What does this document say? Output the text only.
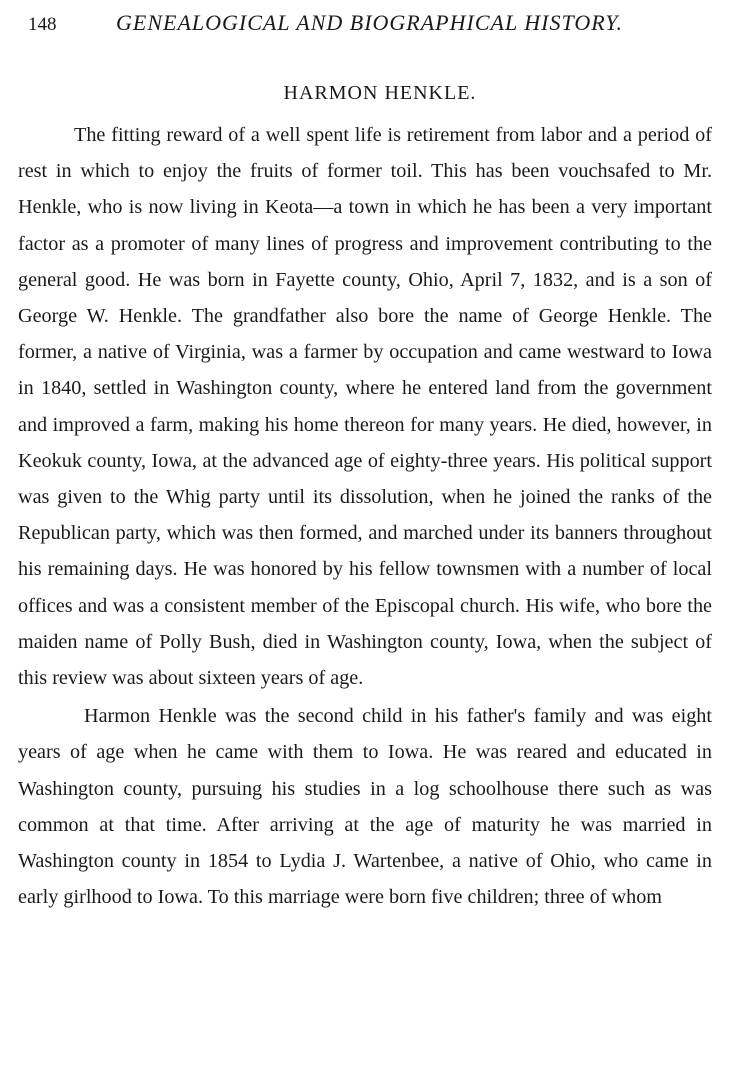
148	GENEALOGICAL AND BIOGRAPHICAL HISTORY.
HARMON HENKLE.

The fitting reward of a well spent life is retirement from labor and a period of rest in which to enjoy the fruits of former toil. This has been vouchsafed to Mr. Henkle, who is now living in Keota—a town in which he has been a very important factor as a promoter of many lines of progress and improvement contributing to the general good. He was born in Fayette county, Ohio, April 7, 1832, and is a son of George W. Henkle. The grandfather also bore the name of George Henkle. The former, a native of Virginia, was a farmer by occupation and came westward to Iowa in 1840, settled in Washington county, where he entered land from the government and improved a farm, making his home thereon for many years. He died, however, in Keokuk county, Iowa, at the advanced age of eighty-three years. His political support was given to the Whig party until its dissolution, when he joined the ranks of the Republican party, which was then formed, and marched under its banners throughout his remaining days. He was honored by his fellow townsmen with a number of local offices and was a consistent member of the Episcopal church. His wife, who bore the maiden name of Polly Bush, died in Washington county, Iowa, when the subject of this review was about sixteen years of age.

Harmon Henkle was the second child in his father's family and was eight years of age when he came with them to Iowa. He was reared and educated in Washington county, pursuing his studies in a log schoolhouse there such as was common at that time. After arriving at the age of maturity he was married in Washington county in 1854 to Lydia J. Wartenbee, a native of Ohio, who came in early girlhood to Iowa. To this marriage were born five children; three of whom
